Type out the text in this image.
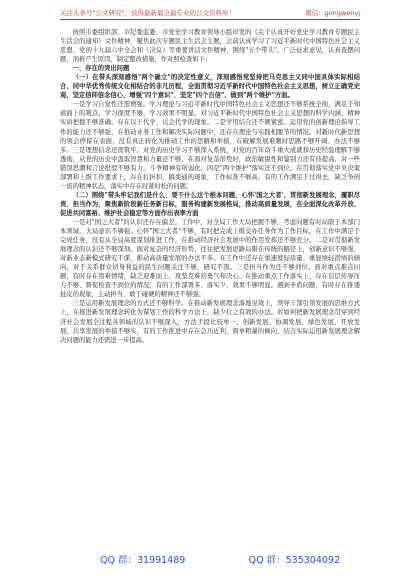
关注头条号"公文研究"，获得最新最全最专业的公文资料库！	微信：gongwenyj

按照市委组织部、市纪委监委、市党史学习教育领导小组印发的《关于认真开好党史学习教育专题民主生活会的通知》文件精神，聚焦此次专题民主生活会主题，会前认真学习了习近平新时代中国特色社会主义思想、党的十九届六中全会和《决议》等重要讲话文件精神，围绕"五个带头"，广泛征求意见，认真查摆问题，剖析产生原因，制定整改措施，作对照检查如下：

一、存在的突出问题

（一）在带头深刻感悟"两个确立"的决定性意义，深刻感悟党坚持把马克思主义同中国具体实际相结合、同中华优秀传统文化相结合的非凡历程，全面贯彻习近平新时代中国特色社会主义思想，树立正确党史观，坚定信仰信念信心，增强"四个意识"、坚定"四个自信"、做到"两个维护"方面。

一是学习自觉性还需增强。学习理论与习近平新时代中国特色社会主义思想还不够系统全面，满足于知道面上的观点，学习深度不够，学习效果不明显。对习近平新时代中国特色社会主义思想的科学内涵、精神实质把握不够准确，存在以干代学、以会代学的现象。二是学用结合还不够紧密。运用党的创新理论指导工作的能力还不够强，在推动业务工作和解决实际问题中，还存在理论与实践相脱节的情况。对新时代新思想的领会停留在表面，没有真正转化为推动工作的思路和举措，在破解发展难题时思路不够开阔、办法不够多。三是理想信念还需筑牢。对党的历史学习不够深入系统，对党的百年奋斗重大成就和历史经验理解不够透彻，从党的历史中汲取智慧和力量还不够，在面对复杂形势时，政治敏锐性和鉴别力还有待提高，对一些错误思潮和言论批驳不够有力，斗争精神有所弱化。四是"两个维护"落实还不到位。在贯彻落实党中央决策部署和上级工作要求上，存在打折扣、搞变通的现象，工作标准不够高，有的工作满足于过得去，缺乏争创一流的精神状态，落实中存在时紧时松的问题。

（二）围绕"带头牢记我们是什么、要干什么这个根本问题，心怀'国之大者'，贯彻新发展理念，履职尽责、担当作为，聚焦新阶段新任务新目标，服务构建新发展格局，推动高质量发展，在全面深化改革开放、促进共同富裕、维护社会稳定等方面作出表率方面

一是对"国之大者"的认识还存在偏差。工作中，对全局工作大局把握不够，考虑问题有时局限于本部门本领域，大局意识不够强。心怀"国之大者"不够，有时把完成上级交办任务作为工作目标，在工作中满足于完成任务，没有从全局高度谋划推进工作，在推动经济社会发展中的作用发挥还不够充分。二是对贯彻新发展理念的认识还不够深刻。面对复杂的经济形势，往往把发展思路局限在传统的路径上，创新意识不够强，对新业态新模式研究不深，推动高质量发展的办法不多。在工作中还存在重速度轻质量、重显绩轻潜绩的倾向，对于关系群众切身利益的民生问题关注不够，研究不深。三是担当作为还不够到位。面对重点难点问题，有时存在畏难情绪，缺乏迎难而上、攻坚克难的勇气和决心。在推动重点工作落实上，存在层层传导压力不够、督促检查不到位的情况，有的工作部署多、落实少，效果不够明显。遇到矛盾问题，有时存在推诿扯皮的现象，主动担当、敢于碰硬的精神还不够强。

三是运用新发展理念的方式还不够科学。在推动新发展理念落地见效上，领导干部引领发展的思维方式上，在推进新发展理念转化为谋划工作的科学方法上，缺少行之有效的办法。对如何把新发展理念贯穿到经济社会发展全过程各领域的认识不够深入，方法手段比较单一，创新发展、协调发展、绿色发展、开放发展、共享发展的举措不够实，有的工作推进中存在急功近利、简单粗暴的倾向，结合实际运用新发展理念解决问题的能力还需进一步提高。

QQ 群：31991489	QQ 群：535304092
